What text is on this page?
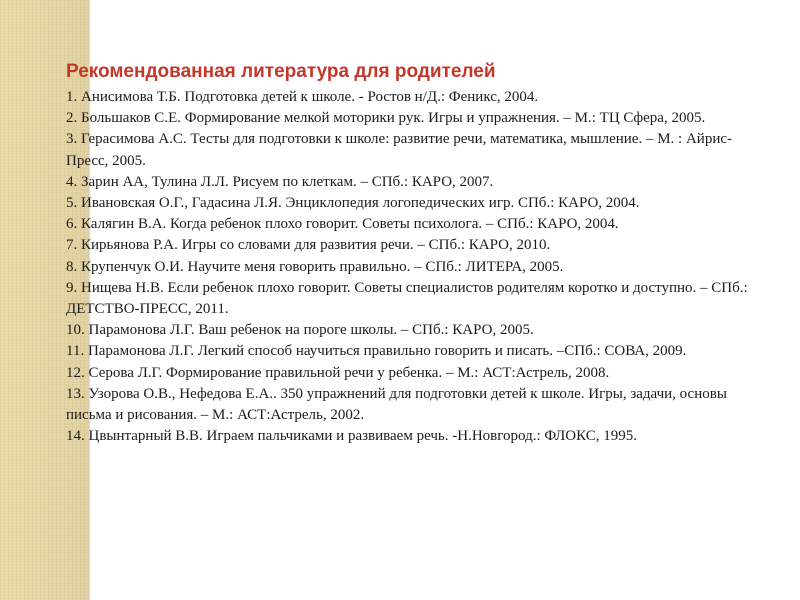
Рекомендованная литература для родителей
1. Анисимова Т.Б. Подготовка детей к школе. - Ростов н/Д.: Феникс, 2004.
2. Большаков С.Е. Формирование мелкой моторики рук. Игры и упражнения. – М.: ТЦ Сфера, 2005.
3. Герасимова А.С. Тесты для подготовки к школе: развитие речи, математика, мышление. – М. : Айрис-Пресс, 2005.
4. Зарин АА, Тулина Л.Л. Рисуем по клеткам. – СПб.: КАРО, 2007.
5. Ивановская О.Г., Гадасина Л.Я. Энциклопедия логопедических игр. СПб.: КАРО, 2004.
6. Калягин В.А. Когда ребенок плохо говорит. Советы психолога. – СПб.: КАРО, 2004.
7. Кирьянова Р.А. Игры со словами для развития речи. – СПб.: КАРО, 2010.
8. Крупенчук О.И. Научите меня говорить правильно. – СПб.: ЛИТЕРА, 2005.
9. Нищева Н.В. Если ребенок плохо говорит. Советы специалистов родителям коротко и доступно. – СПб.: ДЕТСТВО-ПРЕСС, 2011.
10. Парамонова Л.Г. Ваш ребенок на пороге школы. – СПб.: КАРО, 2005.
11. Парамонова Л.Г. Легкий способ научиться правильно говорить и писать. –СПб.: СОВА, 2009.
12. Серова Л.Г. Формирование правильной речи у ребенка. – М.: АСТ:Астрель, 2008.
13. Узорова О.В., Нефедова Е.А.. 350 упражнений для подготовки детей к школе. Игры, задачи, основы письма и рисования. – М.: АСТ:Астрель, 2002.
14. Цвынтарный В.В. Играем пальчиками и развиваем речь. -Н.Новгород.: ФЛОКС, 1995.
